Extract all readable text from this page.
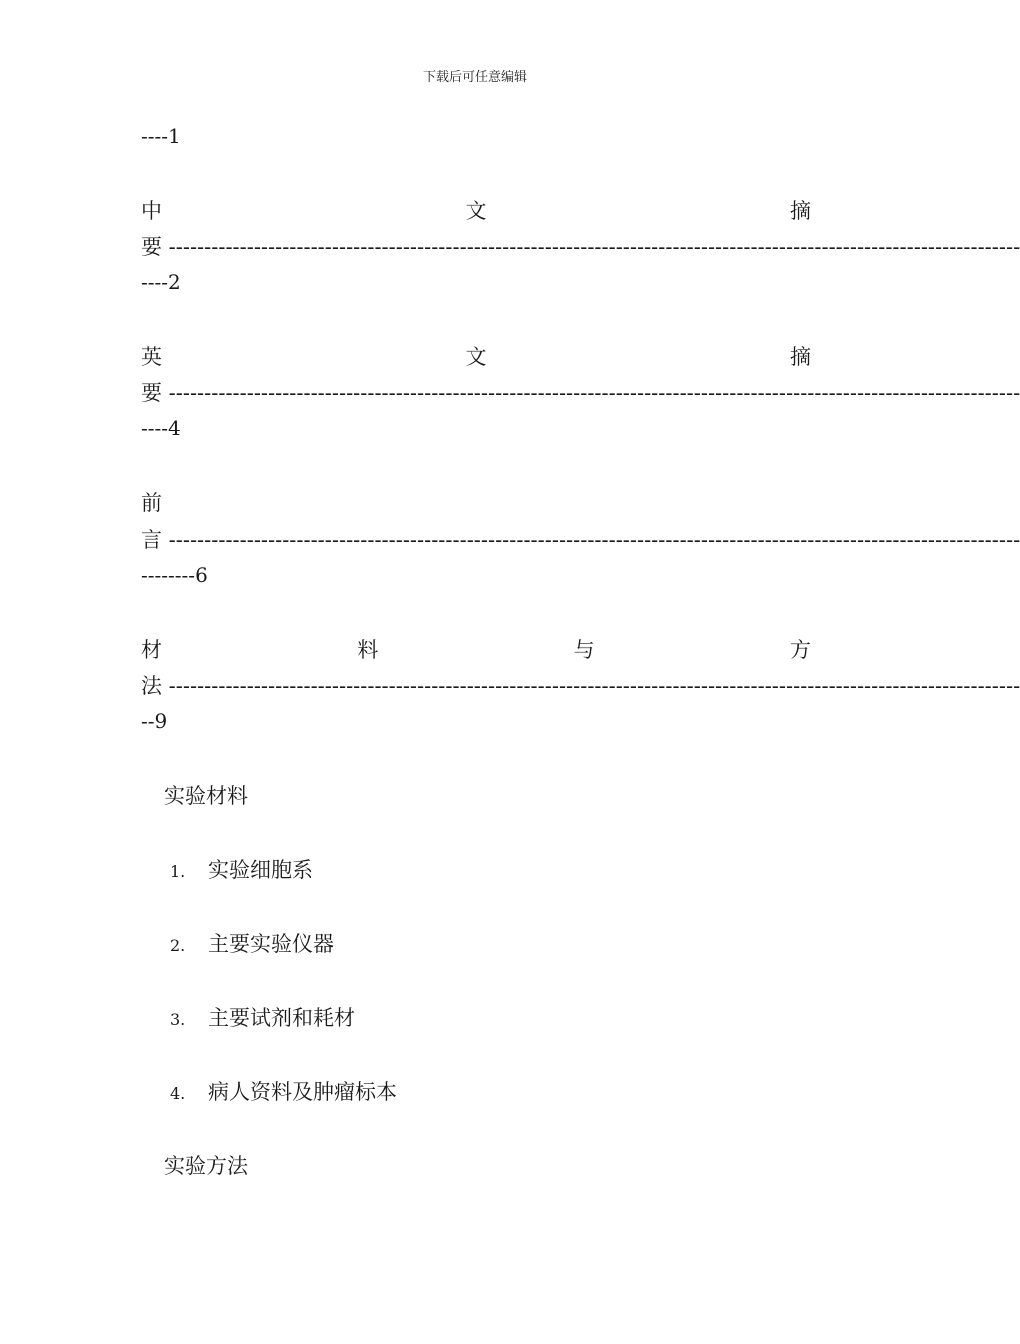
下载后可任意编辑
----1
中	文	摘
要 ------------------------------------------------------------------------------------------------------------------------
----2
英	文	摘
要 ------------------------------------------------------------------------------------------------------------------------
----4
前
言 ------------------------------------------------------------------------------------------------------------------------
--------6
材	料	与	方
法 ------------------------------------------------------------------------------------------------------------------------
--9
实验材料
1. 实验细胞系
2. 主要实验仪器
3. 主要试剂和耗材
4. 病人资料及肿瘤标本
实验方法
